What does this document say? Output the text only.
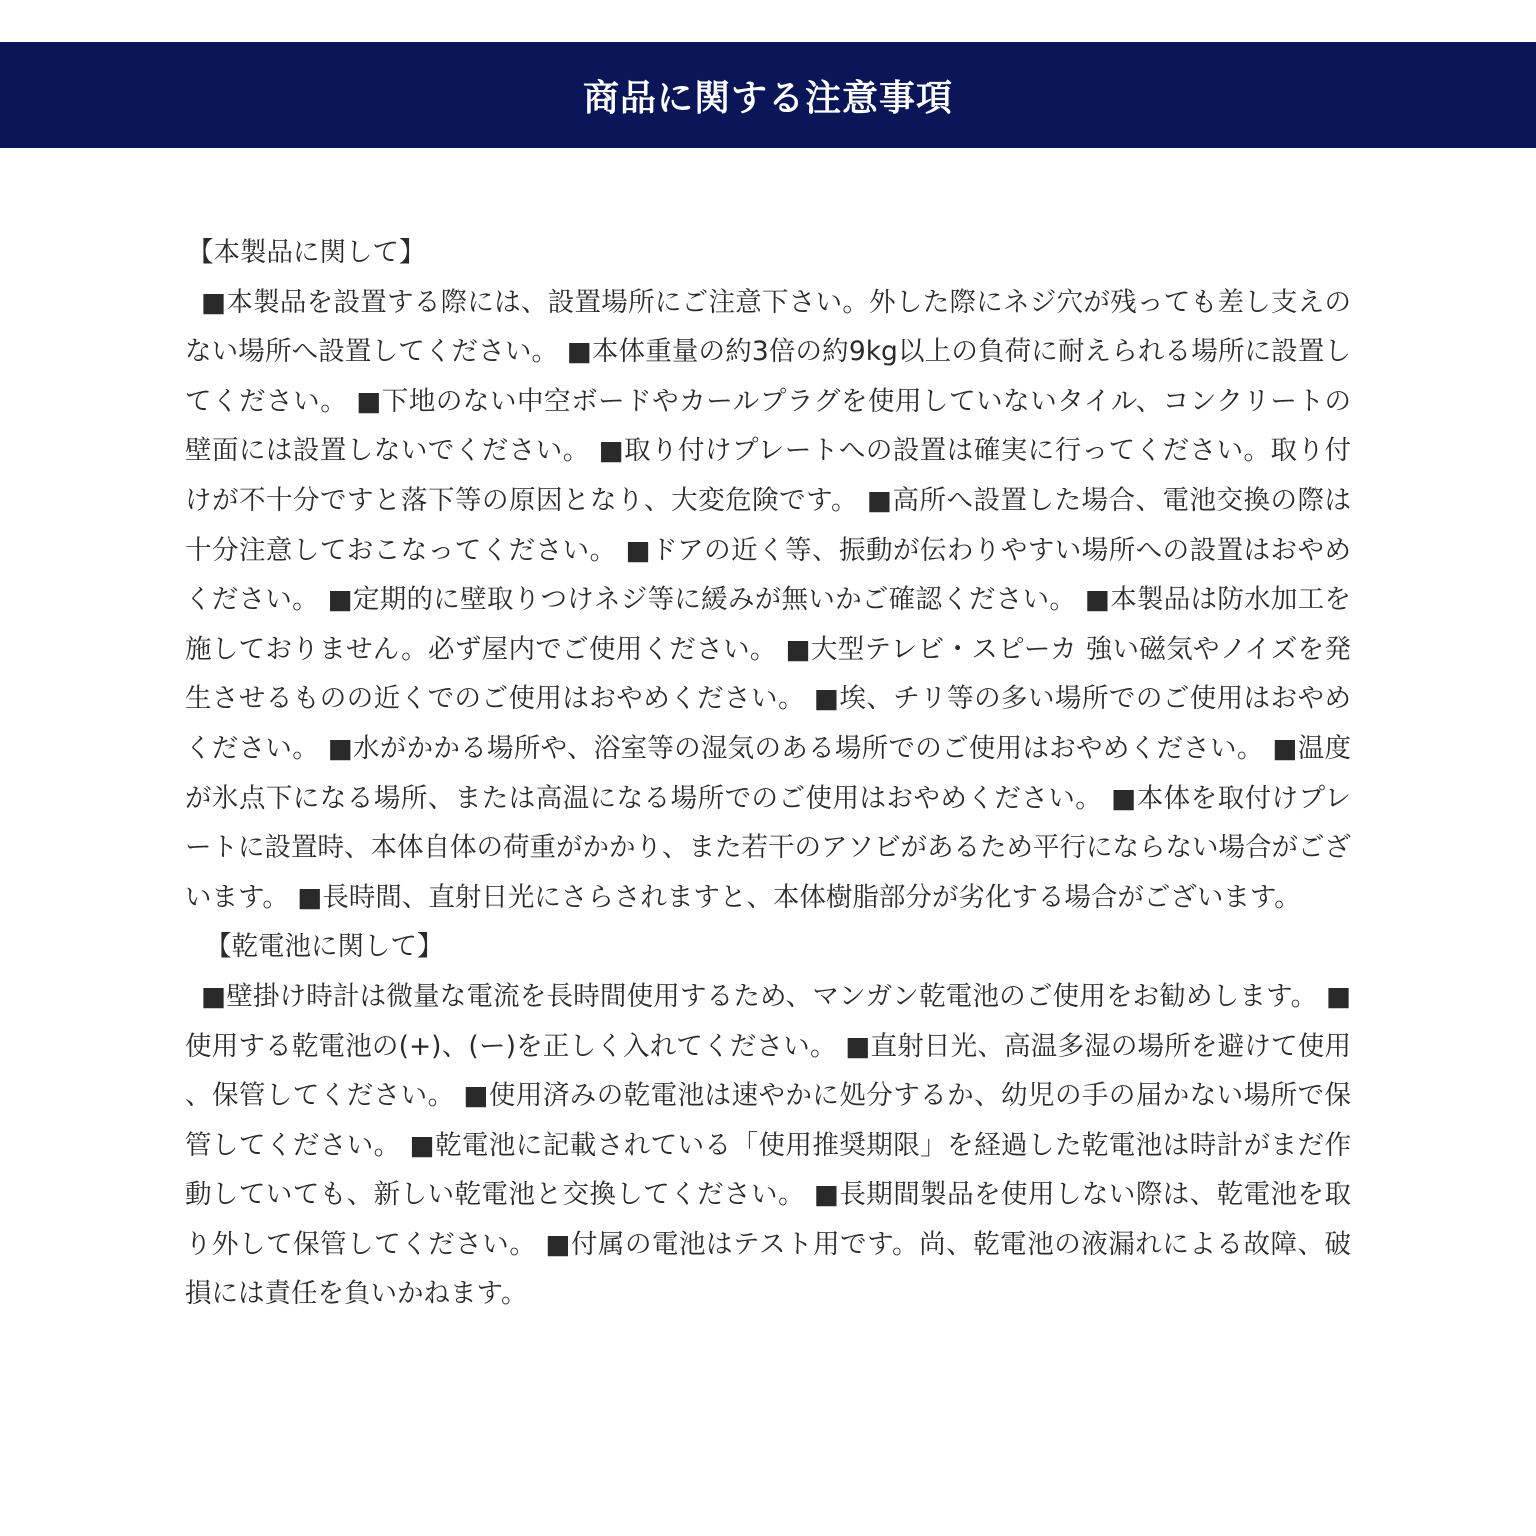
商品に関する注意事項
【本製品に関して】
■本製品を設置する際には、設置場所にご注意下さい。外した際にネジ穴が残っても差し支えのない場所へ設置してください。 ■本体重量の約3倍の約9kg以上の負荷に耐えられる場所に設置してください。 ■下地のない中空ボードやカールプラグを使用していないタイル、コンクリートの壁面には設置しないでください。 ■取り付けプレートへの設置は確実に行ってください。取り付けが不十分ですと落下等の原因となり、大変危険です。 ■高所へ設置した場合、電池交換の際は十分注意しておこなってください。 ■ドアの近く等、振動が伝わりやすい場所への設置はおやめください。 ■定期的に壁取りつけネジ等に緩みが無いかご確認ください。 ■本製品は防水加工を施しておりません。必ず屋内でご使用ください。 ■大型テレビ・スピーカ 強い磁気やノイズを発生させるものの近くでのご使用はおやめください。 ■埃、チリ等の多い場所でのご使用はおやめください。 ■水がかかる場所や、浴室等の湿気のある場所でのご使用はおやめください。 ■温度が氷点下になる場所、または高温になる場所でのご使用はおやめください。 ■本体を取付けプレートに設置時、本体自体の荷重がかかり、また若干のアソビがあるため平行にならない場合がございます。 ■長時間、直射日光にさらされますと、本体樹脂部分が劣化する場合がございます。
【乾電池に関して】
■壁掛け時計は微量な電流を長時間使用するため、マンガン乾電池のご使用をお勧めします。 ■使用する乾電池の(+)、(ー)を正しく入れてください。 ■直射日光、高温多湿の場所を避けて使用、保管してください。 ■使用済みの乾電池は速やかに処分するか、幼児の手の届かない場所で保管してください。 ■乾電池に記載されている「使用推奨期限」を経過した乾電池は時計がまだ作動していても、新しい乾電池と交換してください。 ■長期間製品を使用しない際は、乾電池を取り外して保管してください。 ■付属の電池はテスト用です。尚、乾電池の液漏れによる故障、破損には責任を負いかねます。
